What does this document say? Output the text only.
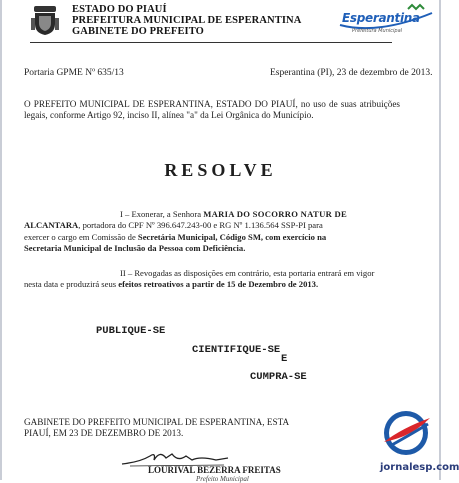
ESTADO DO PIAUÍ
PREFEITURA MUNICIPAL DE ESPERANTINA
GABINETE DO PREFEITO
Esperantina
Prefeitura Municipal
Portaria GPME Nº 635/13	Esperantina (PI), 23 de dezembro de 2013.
O PREFEITO MUNICIPAL DE ESPERANTINA, ESTADO DO PIAUÍ, no uso de suas atribuições legais, conforme Artigo 92, inciso II, alínea "a" da Lei Orgânica do Município.
RESOLVE
I – Exonerar, a Senhora MARIA DO SOCORRO NATUR DE
ALCANTARA, portadora do CPF Nº 396.647.243-00 e RG Nº 1.136.564 SSP-PI para
exercer o cargo em Comissão de Secretária Municipal, Código SM, com exercício na
Secretaria Municipal de Inclusão da Pessoa com Deficiência.
II – Revogadas as disposições em contrário, esta portaria entrará em vigor
nesta data e produzirá seus efeitos retroativos a partir de 15 de Dezembro de 2013.
PUBLIQUE-SE
CIENTIFIQUE-SE
E
CUMPRA-SE
GABINETE DO PREFEITO MUNICIPAL DE ESPERANTINA, ESTA
PIAUÍ, EM 23 DE DEZEMBRO DE 2013.
LOURIVAL BEZERRA FREITAS
Prefeito Municipal
jornalesp.com
